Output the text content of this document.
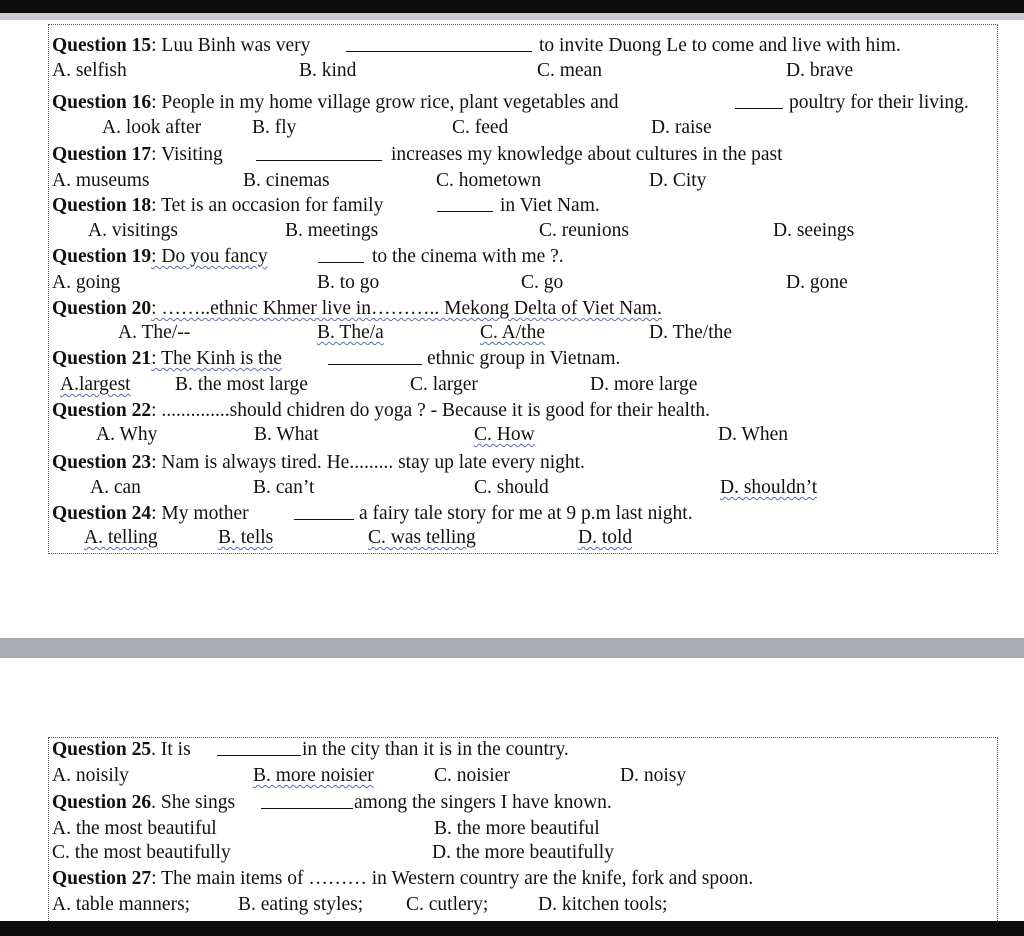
Question 15: Luu Binh was very	to invite Duong Le to come and live with him.
A. selfish	B. kind	C. mean	D. brave
Question 16: People in my home village grow rice, plant vegetables and	poultry for their living.
A. look after	B. fly	C. feed	D. raise
Question 17: Visiting	increases my knowledge about cultures in the past
A. museums	B. cinemas	C. hometown	D. City
Question 18: Tet is an occasion for family	in Viet Nam.
A. visitings	B. meetings	C. reunions	D. seeings
Question 19: Do you fancy	to the cinema with me ?.
A. going	B. to go	C. go	D. gone
Question 20: ……..ethnic Khmer live in……….. Mekong Delta of Viet Nam.
A. The/--	B. The/a	C. A/the	D. The/the
Question 21: The Kinh is the	ethnic group in Vietnam.
A.largest B. the most large	C. larger	D. more large
Question 22: ..............should chidren do yoga ? - Because it is good for their health.
A. Why	B. What	C. How	D. When
Question 23: Nam is always tired. He......... stay up late every night.
A. can	B. can’t	C. should	D. shouldn’t
Question 24: My mother	a fairy tale story for me at 9 p.m last night.
A. telling	B. tells	C. was telling	D. told
Question 25. It is	in the city than it is in the country.
A. noisily	B. more noisier	C. noisier	D. noisy
Question 26. She sings	among the singers I have known.
A. the most beautiful	B. the more beautiful
C. the most beautifully	D. the more beautifully
Question 27: The main items of ……… in Western country are the knife, fork and spoon.
A. table manners; B. eating styles; C. cutlery;	D. kitchen tools;
